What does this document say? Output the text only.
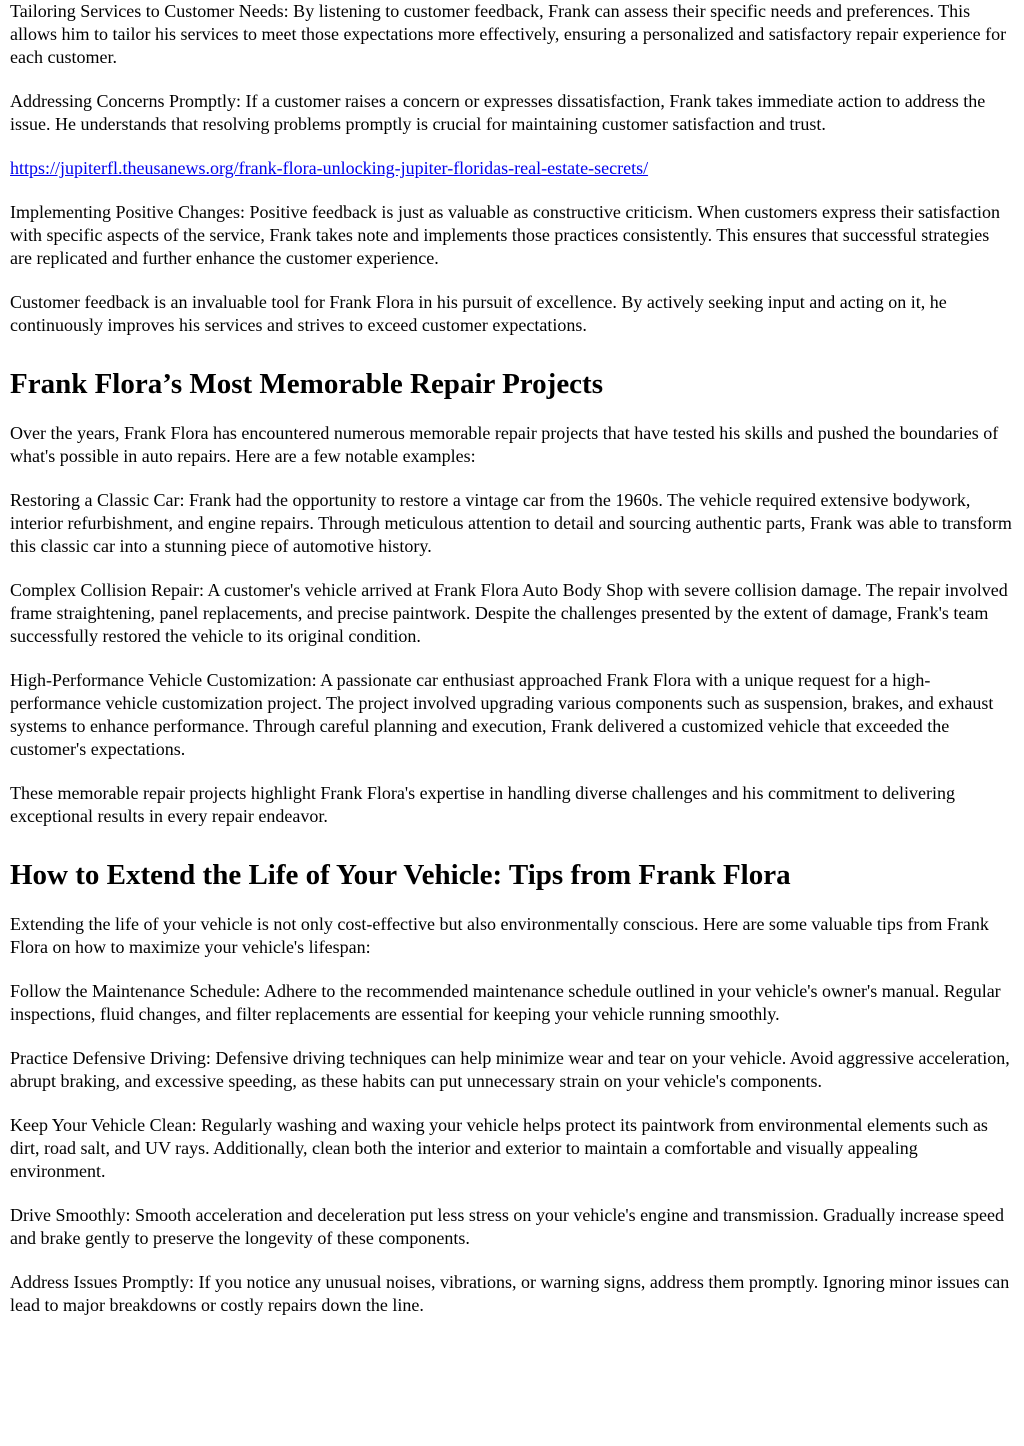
Tailoring Services to Customer Needs: By listening to customer feedback, Frank can assess their specific needs and preferences. This allows him to tailor his services to meet those expectations more effectively, ensuring a personalized and satisfactory repair experience for each customer.

Addressing Concerns Promptly: If a customer raises a concern or expresses dissatisfaction, Frank takes immediate action to address the issue. He understands that resolving problems promptly is crucial for maintaining customer satisfaction and trust.

https://jupiterfl.theusanews.org/frank-flora-unlocking-jupiter-floridas-real-estate-secrets/

Implementing Positive Changes: Positive feedback is just as valuable as constructive criticism. When customers express their satisfaction with specific aspects of the service, Frank takes note and implements those practices consistently. This ensures that successful strategies are replicated and further enhance the customer experience.

Customer feedback is an invaluable tool for Frank Flora in his pursuit of excellence. By actively seeking input and acting on it, he continuously improves his services and strives to exceed customer expectations.

Frank Flora’s Most Memorable Repair Projects

Over the years, Frank Flora has encountered numerous memorable repair projects that have tested his skills and pushed the boundaries of what's possible in auto repairs. Here are a few notable examples:

Restoring a Classic Car: Frank had the opportunity to restore a vintage car from the 1960s. The vehicle required extensive bodywork, interior refurbishment, and engine repairs. Through meticulous attention to detail and sourcing authentic parts, Frank was able to transform this classic car into a stunning piece of automotive history.

Complex Collision Repair: A customer's vehicle arrived at Frank Flora Auto Body Shop with severe collision damage. The repair involved frame straightening, panel replacements, and precise paintwork. Despite the challenges presented by the extent of damage, Frank's team successfully restored the vehicle to its original condition.

High-Performance Vehicle Customization: A passionate car enthusiast approached Frank Flora with a unique request for a high-performance vehicle customization project. The project involved upgrading various components such as suspension, brakes, and exhaust systems to enhance performance. Through careful planning and execution, Frank delivered a customized vehicle that exceeded the customer's expectations.

These memorable repair projects highlight Frank Flora's expertise in handling diverse challenges and his commitment to delivering exceptional results in every repair endeavor.

How to Extend the Life of Your Vehicle: Tips from Frank Flora

Extending the life of your vehicle is not only cost-effective but also environmentally conscious. Here are some valuable tips from Frank Flora on how to maximize your vehicle's lifespan:

Follow the Maintenance Schedule: Adhere to the recommended maintenance schedule outlined in your vehicle's owner's manual. Regular inspections, fluid changes, and filter replacements are essential for keeping your vehicle running smoothly.

Practice Defensive Driving: Defensive driving techniques can help minimize wear and tear on your vehicle. Avoid aggressive acceleration, abrupt braking, and excessive speeding, as these habits can put unnecessary strain on your vehicle's components.

Keep Your Vehicle Clean: Regularly washing and waxing your vehicle helps protect its paintwork from environmental elements such as dirt, road salt, and UV rays. Additionally, clean both the interior and exterior to maintain a comfortable and visually appealing environment.

Drive Smoothly: Smooth acceleration and deceleration put less stress on your vehicle's engine and transmission. Gradually increase speed and brake gently to preserve the longevity of these components.

Address Issues Promptly: If you notice any unusual noises, vibrations, or warning signs, address them promptly. Ignoring minor issues can lead to major breakdowns or costly repairs down the line.
